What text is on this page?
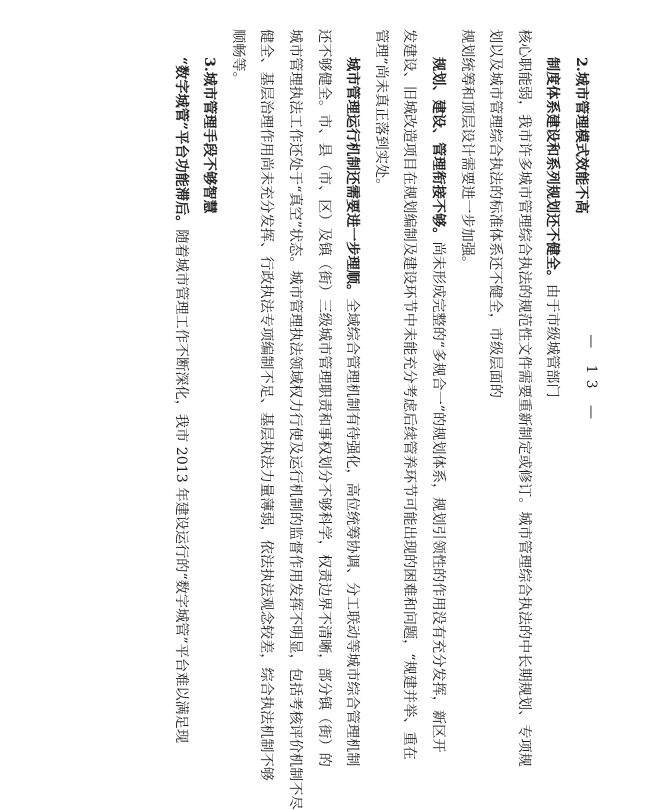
— 13 —
2.城市管理模式效能不高
制度体系建设和系列规划还不健全。由于市级城管部门
核心职能弱，我市许多城市管理综合执法的规范性文件需要重新制定或修订。城市管理综合执法的中长期规划、专项规
划以及城市管理综合执法的标准体系还不健全，市级层面的
规划统筹和顶层设计需要进一步加强。
规划、建设、管理衔接不够。尚未形成完整的“多规合一”的规划体系，规划引领性的作用没有充分发挥，新区开
发建设、旧城改造项目在规划编制及建设环节中未能充分考虑后续管养环节可能出现的困难和问题，“规建并举、重在
管理”尚未真正落到实处。
城市管理运行机制还需要进一步理顺。全域综合管理机制有待强化，高位统筹协调、分工联动等城市综合管理机制
还不够健全。市、县（市、区）及镇（街）三级城市管理职责和事权划分不够科学，权责边界不清晰，部分镇（街）的
城市管理执法工作还处于“真空”状态。城市管理执法领域权力行使及运行机制的监督作用发挥不明显，包括考核评价机制不尽
健全、基层治理作用尚未充分发挥、行政执法专项编制不足、基层执法力量薄弱，依法执法观念较差，综合执法机制不够
顺畅等。
3.城市管理手段不够智慧
“数字城管”平台功能滞后。随着城市管理工作不断深化，我市 2013 年建设运行的“数字城管”平台难以满足现
